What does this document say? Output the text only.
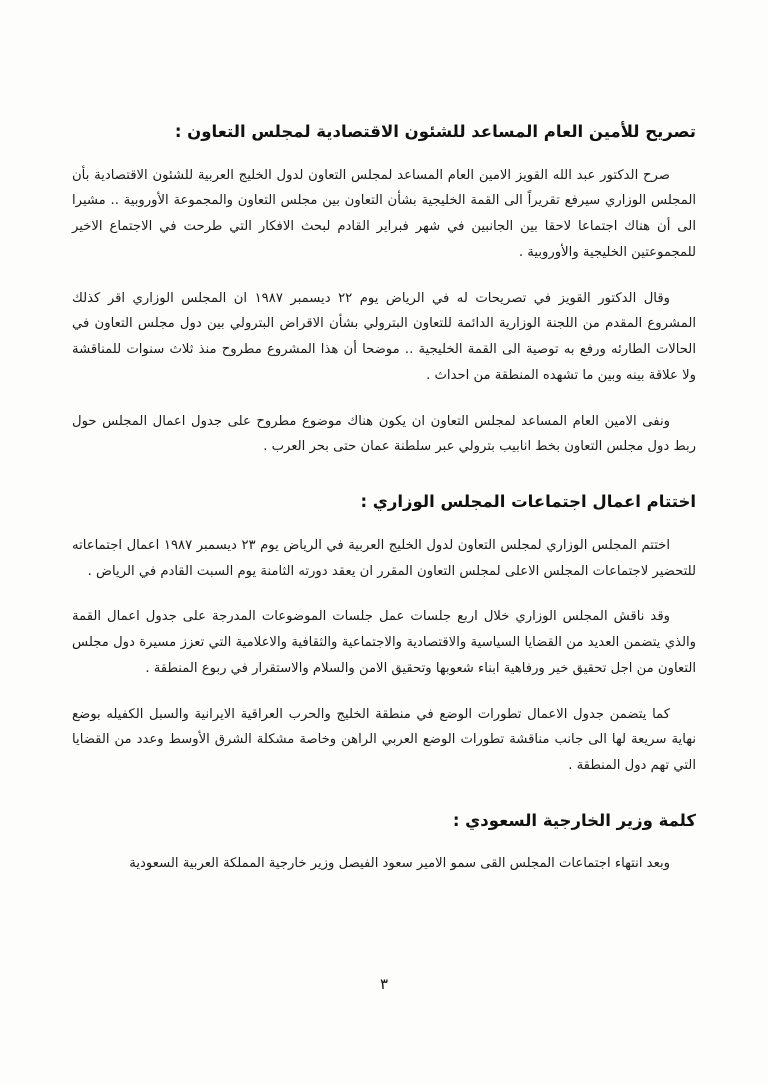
تصريح للأمين العام المساعد للشئون الاقتصادية لمجلس التعاون :

صرح الدكتور عبد الله القويز الامين العام المساعد لمجلس التعاون لدول الخليج العربية للشئون الاقتصادية بأن المجلس الوزاري سيرفع تقريراً الى القمة الخليجية بشأن التعاون بين مجلس التعاون والمجموعة الأوروبية .. مشيرا الى أن هناك اجتماعا لاحقا بين الجانبين في شهر فبراير القادم لبحث الافكار التي طرحت في الاجتماع الاخير للمجموعتين الخليجية والأوروبية .

وقال الدكتور القويز في تصريحات له في الرياض يوم ٢٢ ديسمبر ١٩٨٧ ان المجلس الوزاري اقر كذلك المشروع المقدم من اللجنة الوزارية الدائمة للتعاون البترولي بشأن الاقراض البترولي بين دول مجلس التعاون في الحالات الطارئه ورفع به توصية الى القمة الخليجية .. موضحا أن هذا المشروع مطروح منذ ثلاث سنوات للمناقشة ولا علاقة بينه وبين ما تشهده المنطقة من احداث .

ونفى الامين العام المساعد لمجلس التعاون ان يكون هناك موضوع مطروح على جدول اعمال المجلس حول ربط دول مجلس التعاون بخط انابيب بترولي عبر سلطنة عمان حتى بحر العرب .

اختتام اعمال اجتماعات المجلس الوزاري :

اختتم المجلس الوزاري لمجلس التعاون لدول الخليج العربية في الرياض يوم ٢٣ ديسمبر ١٩٨٧ اعمال اجتماعاته للتحضير لاجتماعات المجلس الاعلى لمجلس التعاون المقرر ان يعقد دورته الثامنة يوم السبت القادم في الرياض .

وقد ناقش المجلس الوزاري خلال اربع جلسات عمل جلسات الموضوعات المدرجة على جدول اعمال القمة والذي يتضمن العديد من القضايا السياسية والاقتصادية والاجتماعية والثقافية والاعلامية التي تعزز مسيرة دول مجلس التعاون من اجل تحقيق خير ورفاهية ابناء شعوبها وتحقيق الامن والسلام والاستقرار في ربوع المنطقة .

كما يتضمن جدول الاعمال تطورات الوضع في منطقة الخليج والحرب العراقية الايرانية والسبل الكفيله بوضع نهاية سريعة لها الى جانب مناقشة تطورات الوضع العربي الراهن وخاصة مشكلة الشرق الأوسط وعدد من القضايا التي تهم دول المنطقة .

كلمة وزير الخارجية السعودي :

وبعد انتهاء اجتماعات المجلس القى سمو الامير سعود الفيصل وزير خارجية المملكة العربية السعودية

٣
